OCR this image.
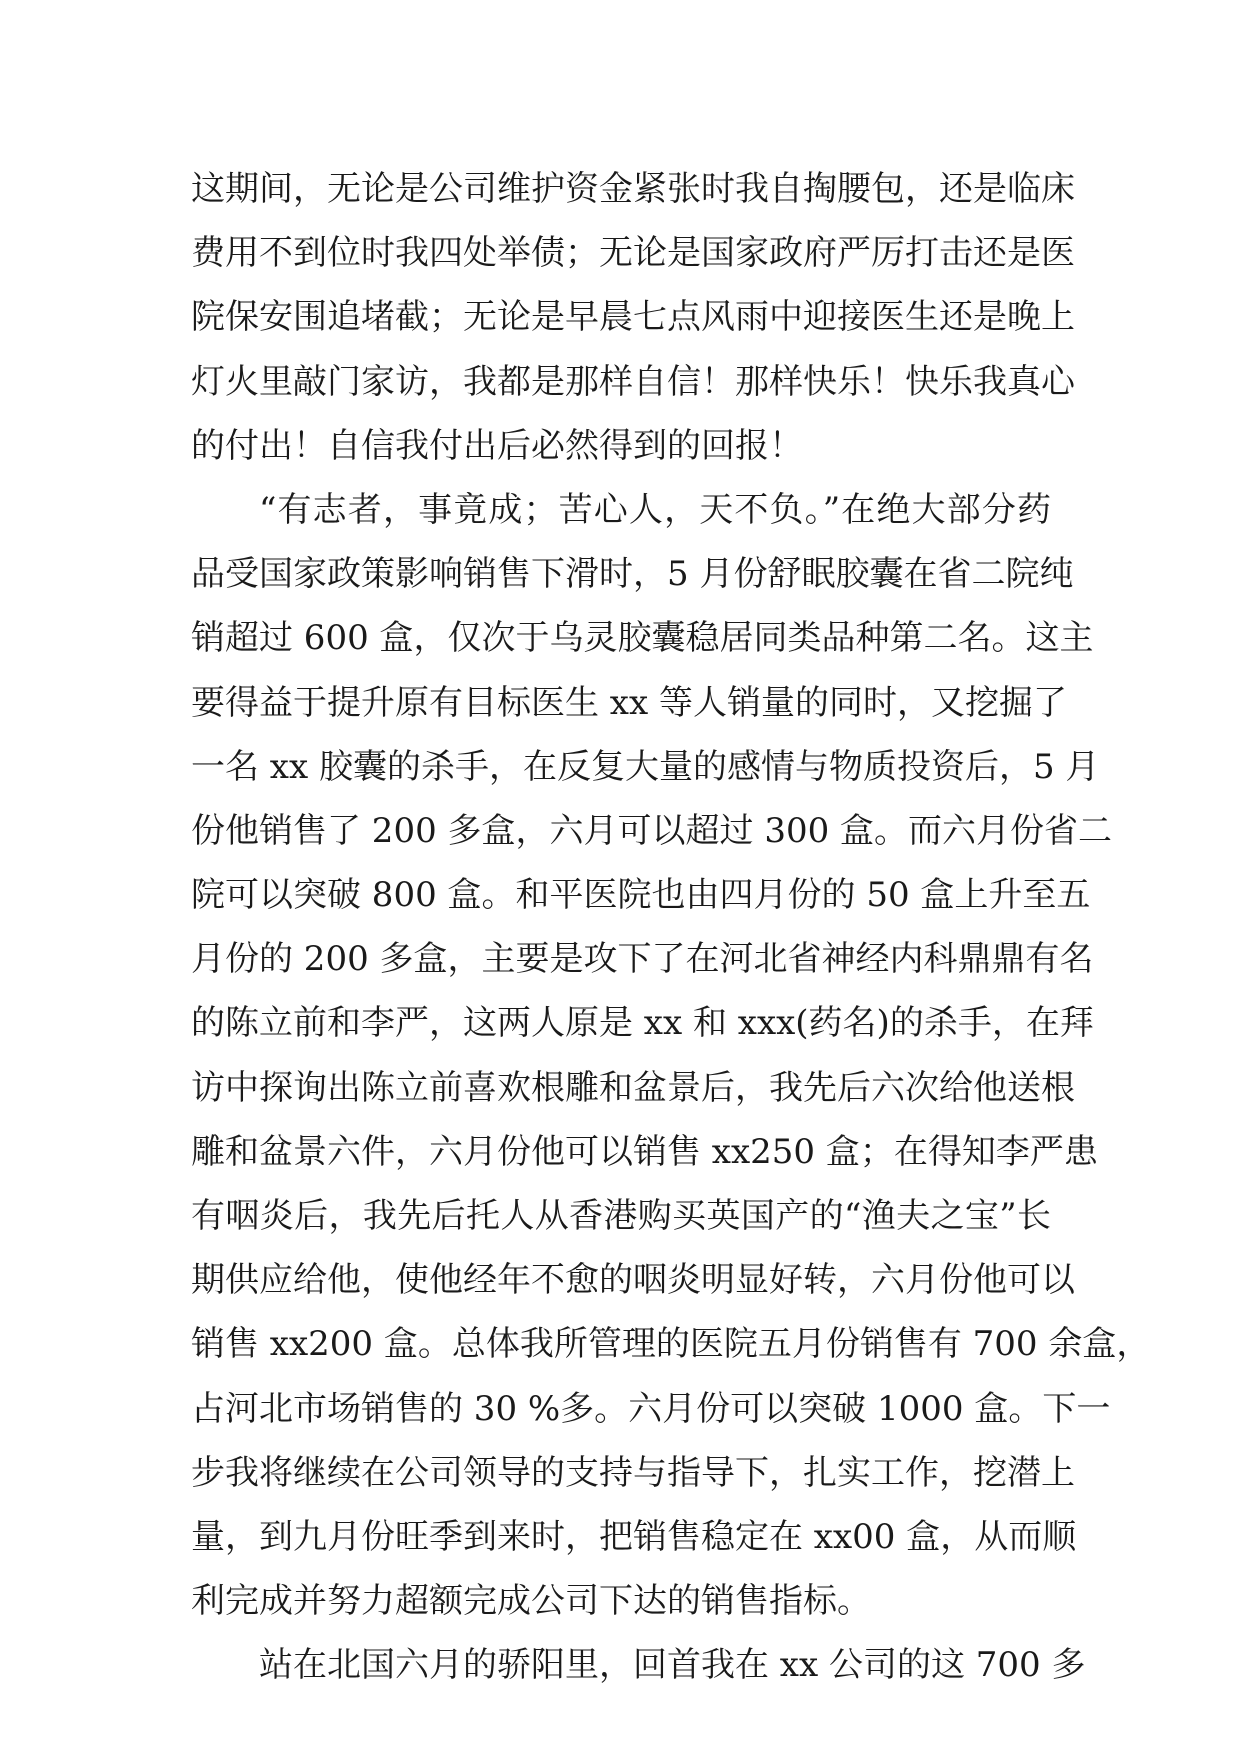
这期间，无论是公司维护资金紧张时我自掏腰包，还是临床
费用不到位时我四处举债；无论是国家政府严厉打击还是医
院保安围追堵截；无论是早晨七点风雨中迎接医生还是晚上
灯火里敲门家访，我都是那样自信！那样快乐！快乐我真心
的付出！自信我付出后必然得到的回报！
“有志者，事竟成；苦心人，天不负。”在绝大部分药
品受国家政策影响销售下滑时，5 月份舒眠胶囊在省二院纯
销超过 600 盒，仅次于乌灵胶囊稳居同类品种第二名。这主
要得益于提升原有目标医生 xx 等人销量的同时，又挖掘了
一名 xx 胶囊的杀手，在反复大量的感情与物质投资后，5 月
份他销售了 200 多盒，六月可以超过 300 盒。而六月份省二
院可以突破 800 盒。和平医院也由四月份的 50 盒上升至五
月份的 200 多盒，主要是攻下了在河北省神经内科鼎鼎有名
的陈立前和李严，这两人原是 xx 和 xxx(药名)的杀手，在拜
访中探询出陈立前喜欢根雕和盆景后，我先后六次给他送根
雕和盆景六件，六月份他可以销售 xx250 盒；在得知李严患
有咽炎后，我先后托人从香港购买英国产的“渔夫之宝”长
期供应给他，使他经年不愈的咽炎明显好转，六月份他可以
销售 xx200 盒。总体我所管理的医院五月份销售有 700 余盒，
占河北市场销售的 30 %多。六月份可以突破 1000 盒。下一
步我将继续在公司领导的支持与指导下，扎实工作，挖潜上
量，到九月份旺季到来时，把销售稳定在 xx00 盒，从而顺
利完成并努力超额完成公司下达的销售指标。
站在北国六月的骄阳里，回首我在 xx 公司的这 700 多
